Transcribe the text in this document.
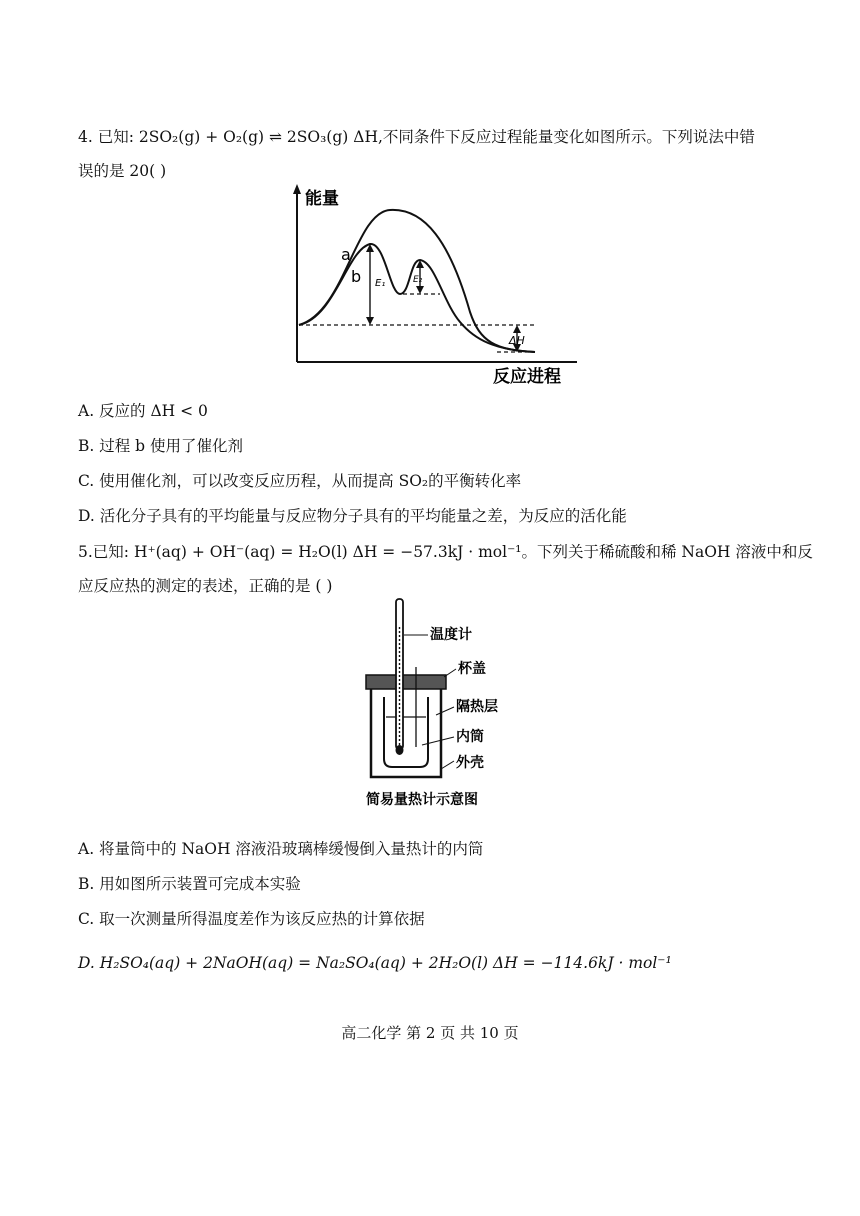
4. 已知: 2SO₂(g) + O₂(g) ⇌ 2SO₃(g) ΔH,不同条件下反应过程能量变化如图所示。下列说法中错
误的是 20( )
能量
反应进程
E₁	E₂
ΔH
a
b
A. 反应的 ΔH < 0
B. 过程 b 使用了催化剂
C. 使用催化剂，可以改变反应历程，从而提高 SO₂的平衡转化率
D. 活化分子具有的平均能量与反应物分子具有的平均能量之差，为反应的活化能
5.已知: H⁺(aq) + OH⁻(aq) = H₂O(l) ΔH = −57.3kJ · mol⁻¹。下列关于稀硫酸和稀 NaOH 溶液中和反
应反应热的测定的表述，正确的是 ( )
温度计
杯盖
隔热层
内筒
外壳
简易量热计示意图
A. 将量筒中的 NaOH 溶液沿玻璃棒缓慢倒入量热计的内筒
B. 用如图所示装置可完成本实验
C. 取一次测量所得温度差作为该反应热的计算依据
D. H₂SO₄(aq) + 2NaOH(aq) = Na₂SO₄(aq) + 2H₂O(l) ΔH = −114.6kJ · mol⁻¹
高二化学 第 2 页 共 10 页
